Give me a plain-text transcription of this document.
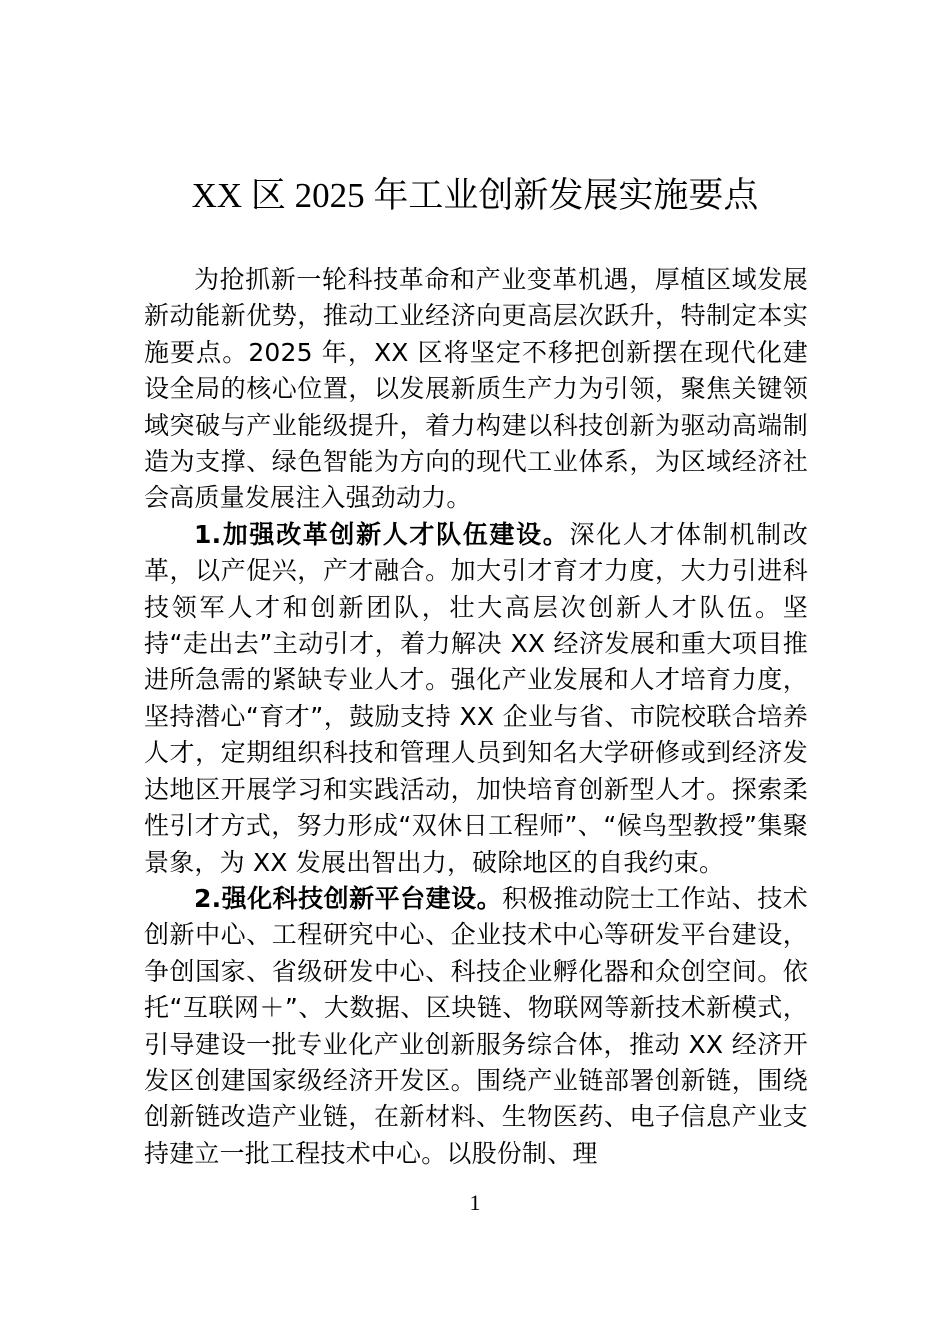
XX 区 2025 年工业创新发展实施要点

为抢抓新一轮科技革命和产业变革机遇，厚植区域发展新动能新优势，推动工业经济向更高层次跃升，特制定本实施要点。2025 年，XX 区将坚定不移把创新摆在现代化建设全局的核心位置，以发展新质生产力为引领，聚焦关键领域突破与产业能级提升，着力构建以科技创新为驱动高端制造为支撑、绿色智能为方向的现代工业体系，为区域经济社会高质量发展注入强劲动力。

1.加强改革创新人才队伍建设。深化人才体制机制改革，以产促兴，产才融合。加大引才育才力度，大力引进科技领军人才和创新团队，壮大高层次创新人才队伍。坚持“走出去”主动引才，着力解决 XX 经济发展和重大项目推进所急需的紧缺专业人才。强化产业发展和人才培育力度，坚持潜心“育才”，鼓励支持 XX 企业与省、市院校联合培养人才，定期组织科技和管理人员到知名大学研修或到经济发达地区开展学习和实践活动，加快培育创新型人才。探索柔性引才方式，努力形成“双休日工程师”、“候鸟型教授”集聚景象，为 XX 发展出智出力，破除地区的自我约束。

2.强化科技创新平台建设。积极推动院士工作站、技术创新中心、工程研究中心、企业技术中心等研发平台建设，争创国家、省级研发中心、科技企业孵化器和众创空间。依托“互联网＋”、大数据、区块链、物联网等新技术新模式，引导建设一批专业化产业创新服务综合体，推动 XX 经济开发区创建国家级经济开发区。围绕产业链部署创新链，围绕创新链改造产业链，在新材料、生物医药、电子信息产业支持建立一批工程技术中心。以股份制、理

1
